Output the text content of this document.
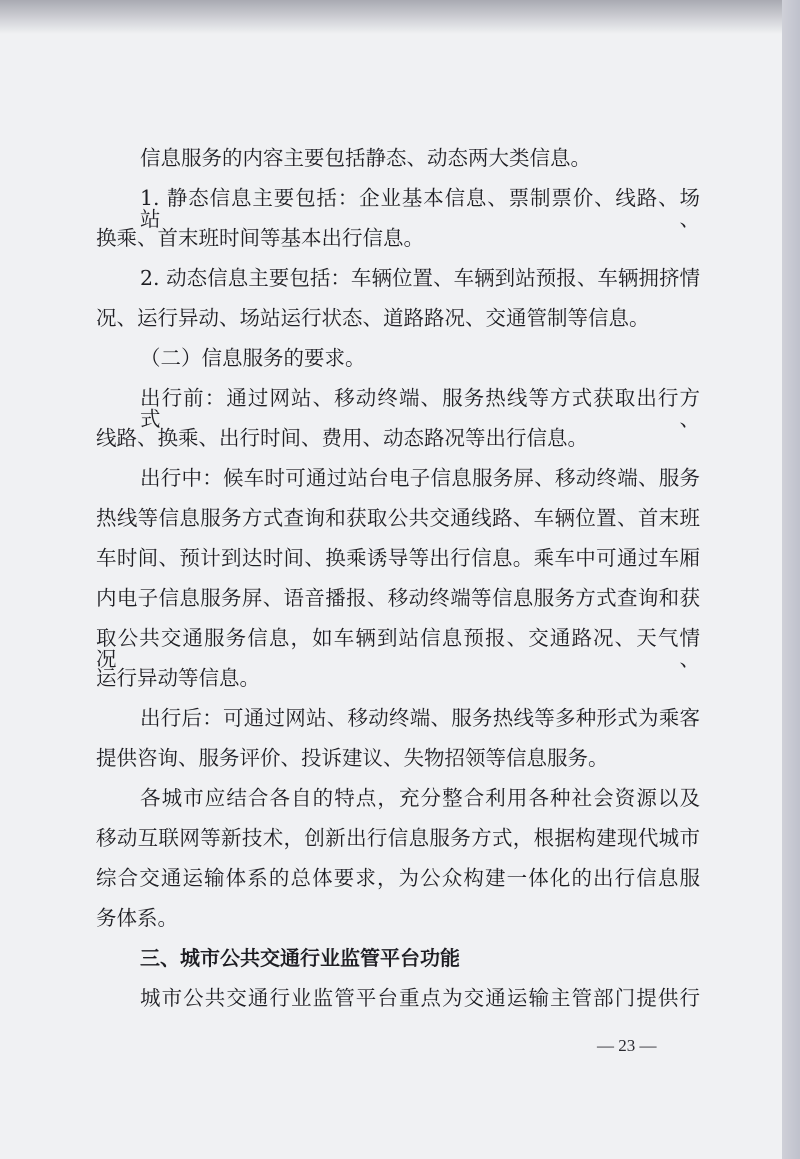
信息服务的内容主要包括静态、动态两大类信息。
1. 静态信息主要包括：企业基本信息、票制票价、线路、场站、
换乘、首末班时间等基本出行信息。
2. 动态信息主要包括：车辆位置、车辆到站预报、车辆拥挤情
况、运行异动、场站运行状态、道路路况、交通管制等信息。
（二）信息服务的要求。
出行前：通过网站、移动终端、服务热线等方式获取出行方式、
线路、换乘、出行时间、费用、动态路况等出行信息。
出行中：候车时可通过站台电子信息服务屏、移动终端、服务
热线等信息服务方式查询和获取公共交通线路、车辆位置、首末班
车时间、预计到达时间、换乘诱导等出行信息。乘车中可通过车厢
内电子信息服务屏、语音播报、移动终端等信息服务方式查询和获
取公共交通服务信息，如车辆到站信息预报、交通路况、天气情况、
运行异动等信息。
出行后：可通过网站、移动终端、服务热线等多种形式为乘客
提供咨询、服务评价、投诉建议、失物招领等信息服务。
各城市应结合各自的特点，充分整合利用各种社会资源以及
移动互联网等新技术，创新出行信息服务方式，根据构建现代城市
综合交通运输体系的总体要求，为公众构建一体化的出行信息服
务体系。
三、城市公共交通行业监管平台功能
城市公共交通行业监管平台重点为交通运输主管部门提供行
— 23 —
